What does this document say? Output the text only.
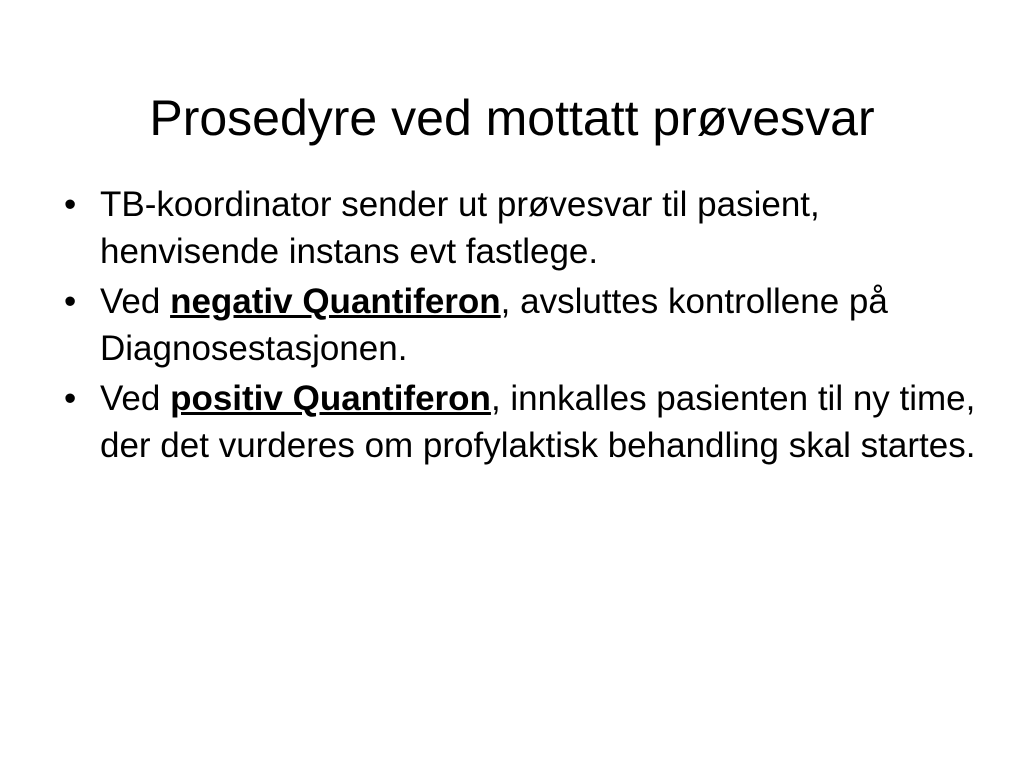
Prosedyre ved mottatt prøvesvar
• TB-koordinator sender ut prøvesvar til pasient, henvisende instans evt fastlege.
• Ved negativ Quantiferon, avsluttes kontrollene på Diagnosestasjonen.
• Ved positiv Quantiferon, innkalles pasienten til ny time, der det vurderes om profylaktisk behandling skal startes.
